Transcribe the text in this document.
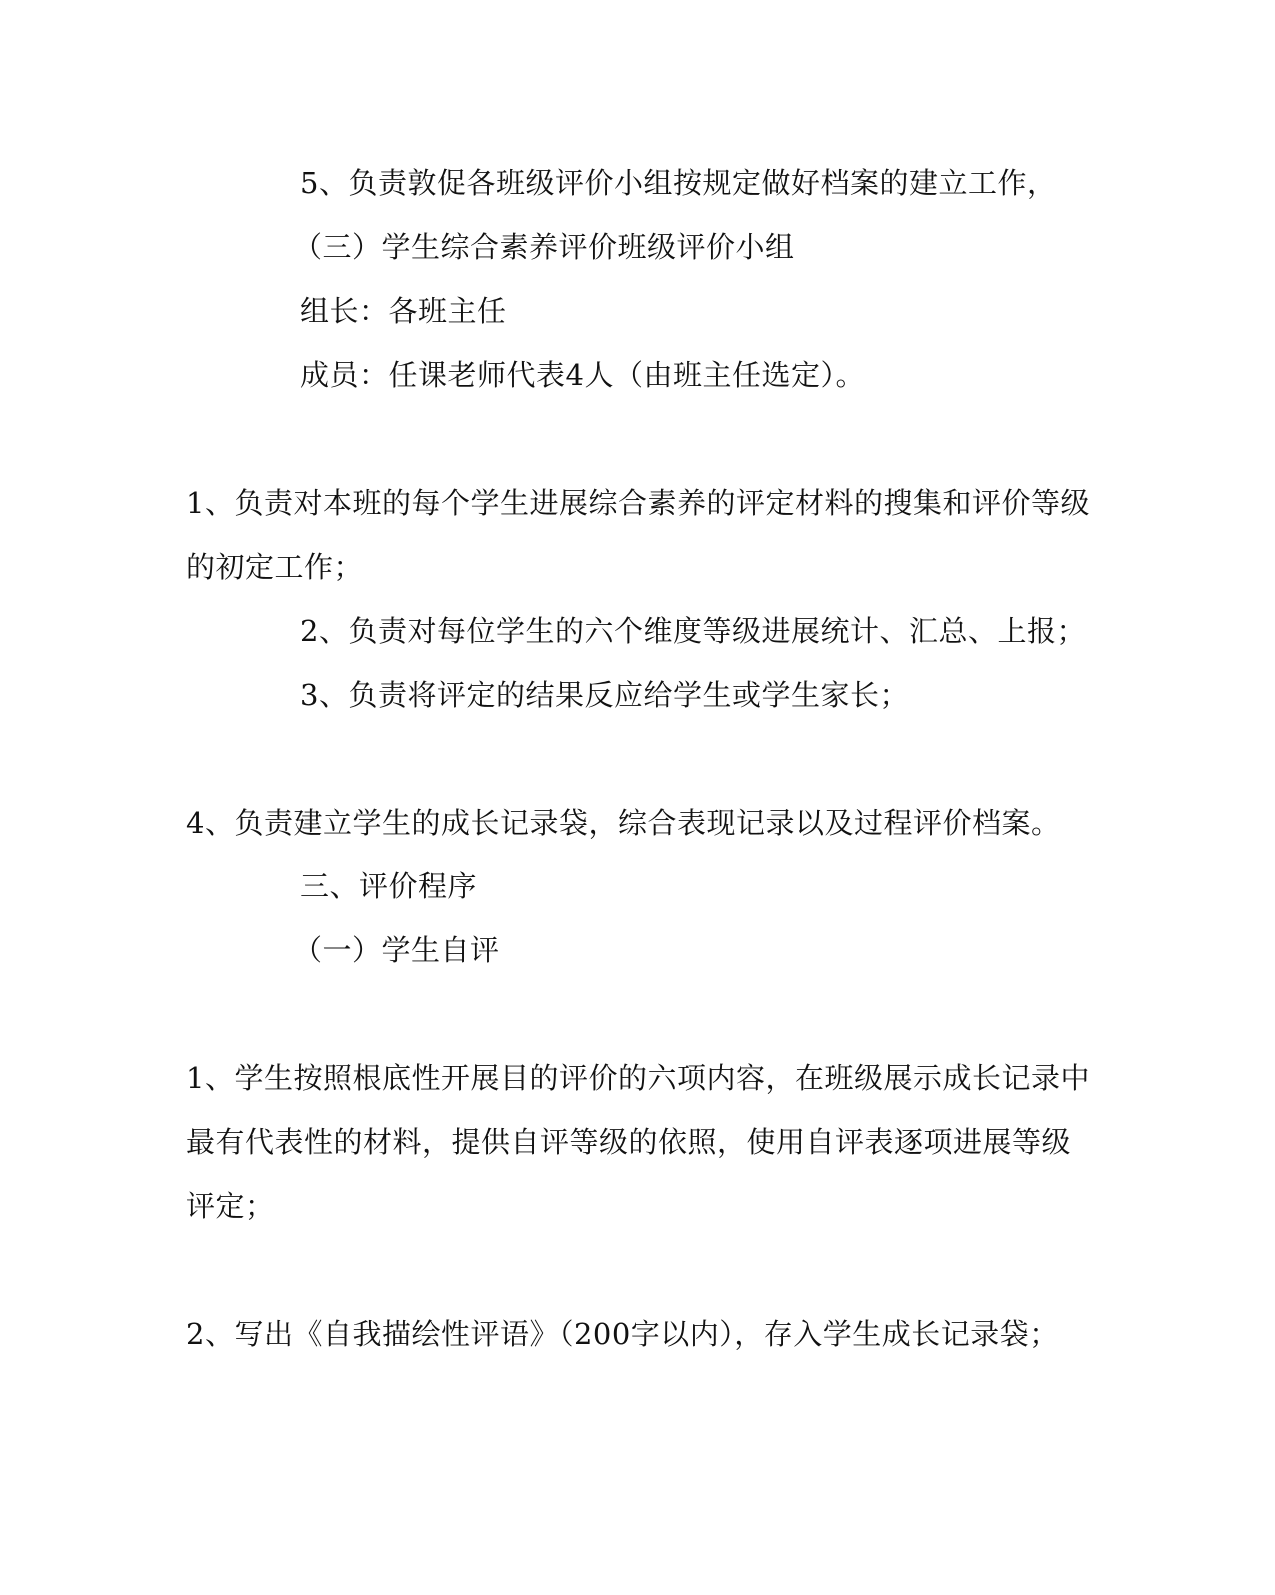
5、负责敦促各班级评价小组按规定做好档案的建立工作，
（三）学生综合素养评价班级评价小组
组长：各班主任
成员：任课老师代表4人（由班主任选定）。
1、负责对本班的每个学生进展综合素养的评定材料的搜集和评价等级
的初定工作；
2、负责对每位学生的六个维度等级进展统计、汇总、上报；
3、负责将评定的结果反应给学生或学生家长；
4、负责建立学生的成长记录袋，综合表现记录以及过程评价档案。
三、评价程序
（一）学生自评
1、学生按照根底性开展目的评价的六项内容，在班级展示成长记录中
最有代表性的材料，提供自评等级的依照，使用自评表逐项进展等级
评定；
2、写出《自我描绘性评语》（200字以内），存入学生成长记录袋；
